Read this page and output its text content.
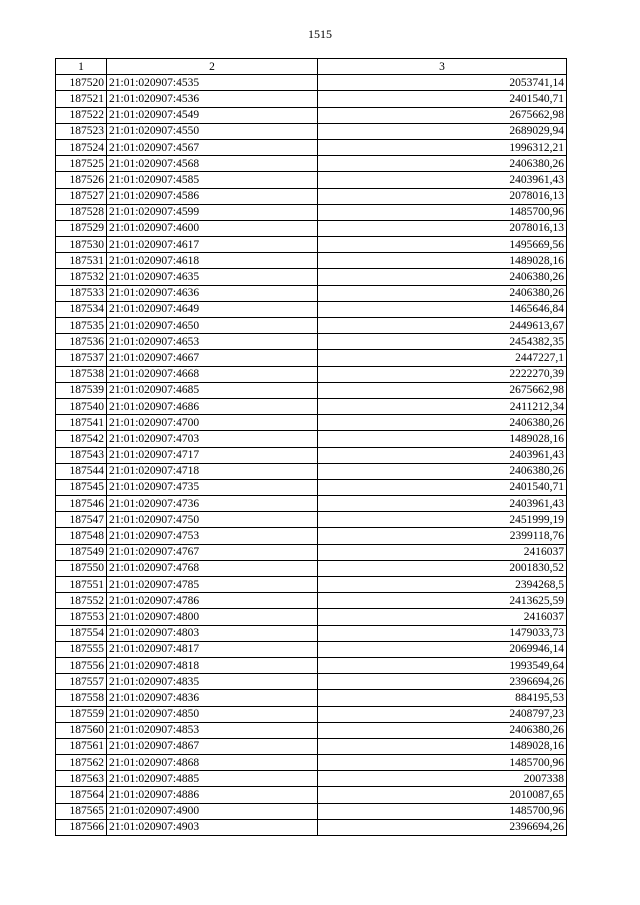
1515
1	2	3
187520	21:01:020907:4535	2053741,14
187521	21:01:020907:4536	2401540,71
187522	21:01:020907:4549	2675662,98
187523	21:01:020907:4550	2689029,94
187524	21:01:020907:4567	1996312,21
187525	21:01:020907:4568	2406380,26
187526	21:01:020907:4585	2403961,43
187527	21:01:020907:4586	2078016,13
187528	21:01:020907:4599	1485700,96
187529	21:01:020907:4600	2078016,13
187530	21:01:020907:4617	1495669,56
187531	21:01:020907:4618	1489028,16
187532	21:01:020907:4635	2406380,26
187533	21:01:020907:4636	2406380,26
187534	21:01:020907:4649	1465646,84
187535	21:01:020907:4650	2449613,67
187536	21:01:020907:4653	2454382,35
187537	21:01:020907:4667	2447227,1
187538	21:01:020907:4668	2222270,39
187539	21:01:020907:4685	2675662,98
187540	21:01:020907:4686	2411212,34
187541	21:01:020907:4700	2406380,26
187542	21:01:020907:4703	1489028,16
187543	21:01:020907:4717	2403961,43
187544	21:01:020907:4718	2406380,26
187545	21:01:020907:4735	2401540,71
187546	21:01:020907:4736	2403961,43
187547	21:01:020907:4750	2451999,19
187548	21:01:020907:4753	2399118,76
187549	21:01:020907:4767	2416037
187550	21:01:020907:4768	2001830,52
187551	21:01:020907:4785	2394268,5
187552	21:01:020907:4786	2413625,59
187553	21:01:020907:4800	2416037
187554	21:01:020907:4803	1479033,73
187555	21:01:020907:4817	2069946,14
187556	21:01:020907:4818	1993549,64
187557	21:01:020907:4835	2396694,26
187558	21:01:020907:4836	884195,53
187559	21:01:020907:4850	2408797,23
187560	21:01:020907:4853	2406380,26
187561	21:01:020907:4867	1489028,16
187562	21:01:020907:4868	1485700,96
187563	21:01:020907:4885	2007338
187564	21:01:020907:4886	2010087,65
187565	21:01:020907:4900	1485700,96
187566	21:01:020907:4903	2396694,26
